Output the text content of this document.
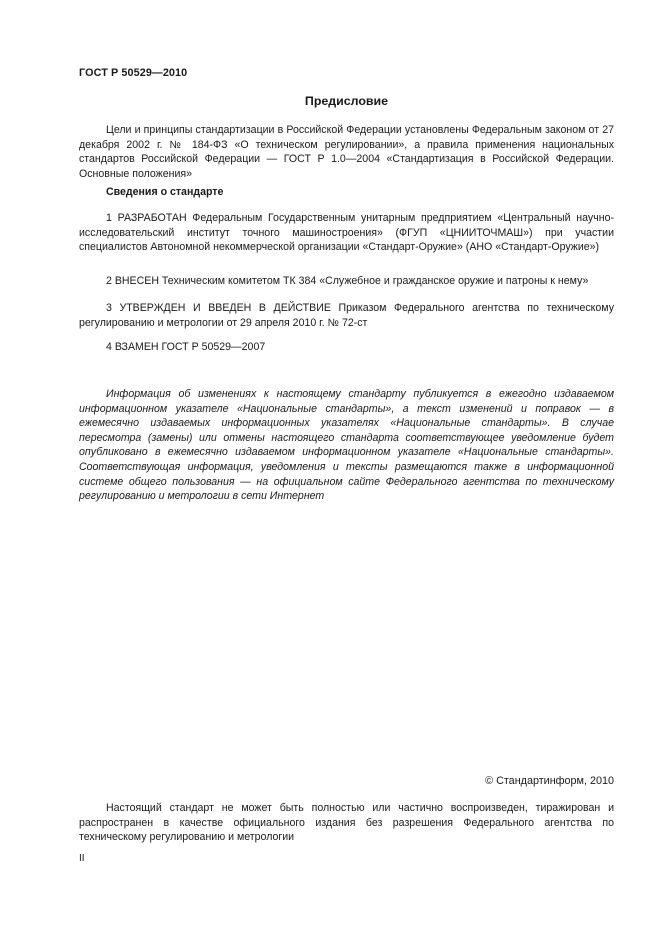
ГОСТ Р 50529—2010
Предисловие

Цели и принципы стандартизации в Российской Федерации установлены Федеральным законом от 27 декабря 2002 г. № 184-ФЗ «О техническом регулировании», а правила применения национальных стандартов Российской Федерации — ГОСТ Р 1.0—2004 «Стандартизация в Российской Федерации. Основные положения»

Сведения о стандарте

1 РАЗРАБОТАН Федеральным Государственным унитарным предприятием «Центральный научно-исследовательский институт точного машиностроения» (ФГУП «ЦНИИТОЧМАШ») при участии специалистов Автономной некоммерческой организации «Стандарт-Оружие» (АНО «Стандарт-Оружие»)

2 ВНЕСЕН Техническим комитетом ТК 384 «Служебное и гражданское оружие и патроны к нему»

3 УТВЕРЖДЕН И ВВЕДЕН В ДЕЙСТВИЕ Приказом Федерального агентства по техническому регулированию и метрологии от 29 апреля 2010 г. № 72-ст

4 ВЗАМЕН ГОСТ Р 50529—2007

Информация об изменениях к настоящему стандарту публикуется в ежегодно издаваемом информационном указателе «Национальные стандарты», а текст изменений и поправок — в ежемесячно издаваемых информационных указателях «Национальные стандарты». В случае пересмотра (замены) или отмены настоящего стандарта соответствующее уведомление будет опубликовано в ежемесячно издаваемом информационном указателе «Национальные стандарты». Соответствующая информация, уведомления и тексты размещаются также в информационной системе общего пользования — на официальном сайте Федерального агентства по техническому регулированию и метрологии в сети Интернет

© Стандартинформ, 2010

Настоящий стандарт не может быть полностью или частично воспроизведен, тиражирован и распространен в качестве официального издания без разрешения Федерального агентства по техническому регулированию и метрологии

II
